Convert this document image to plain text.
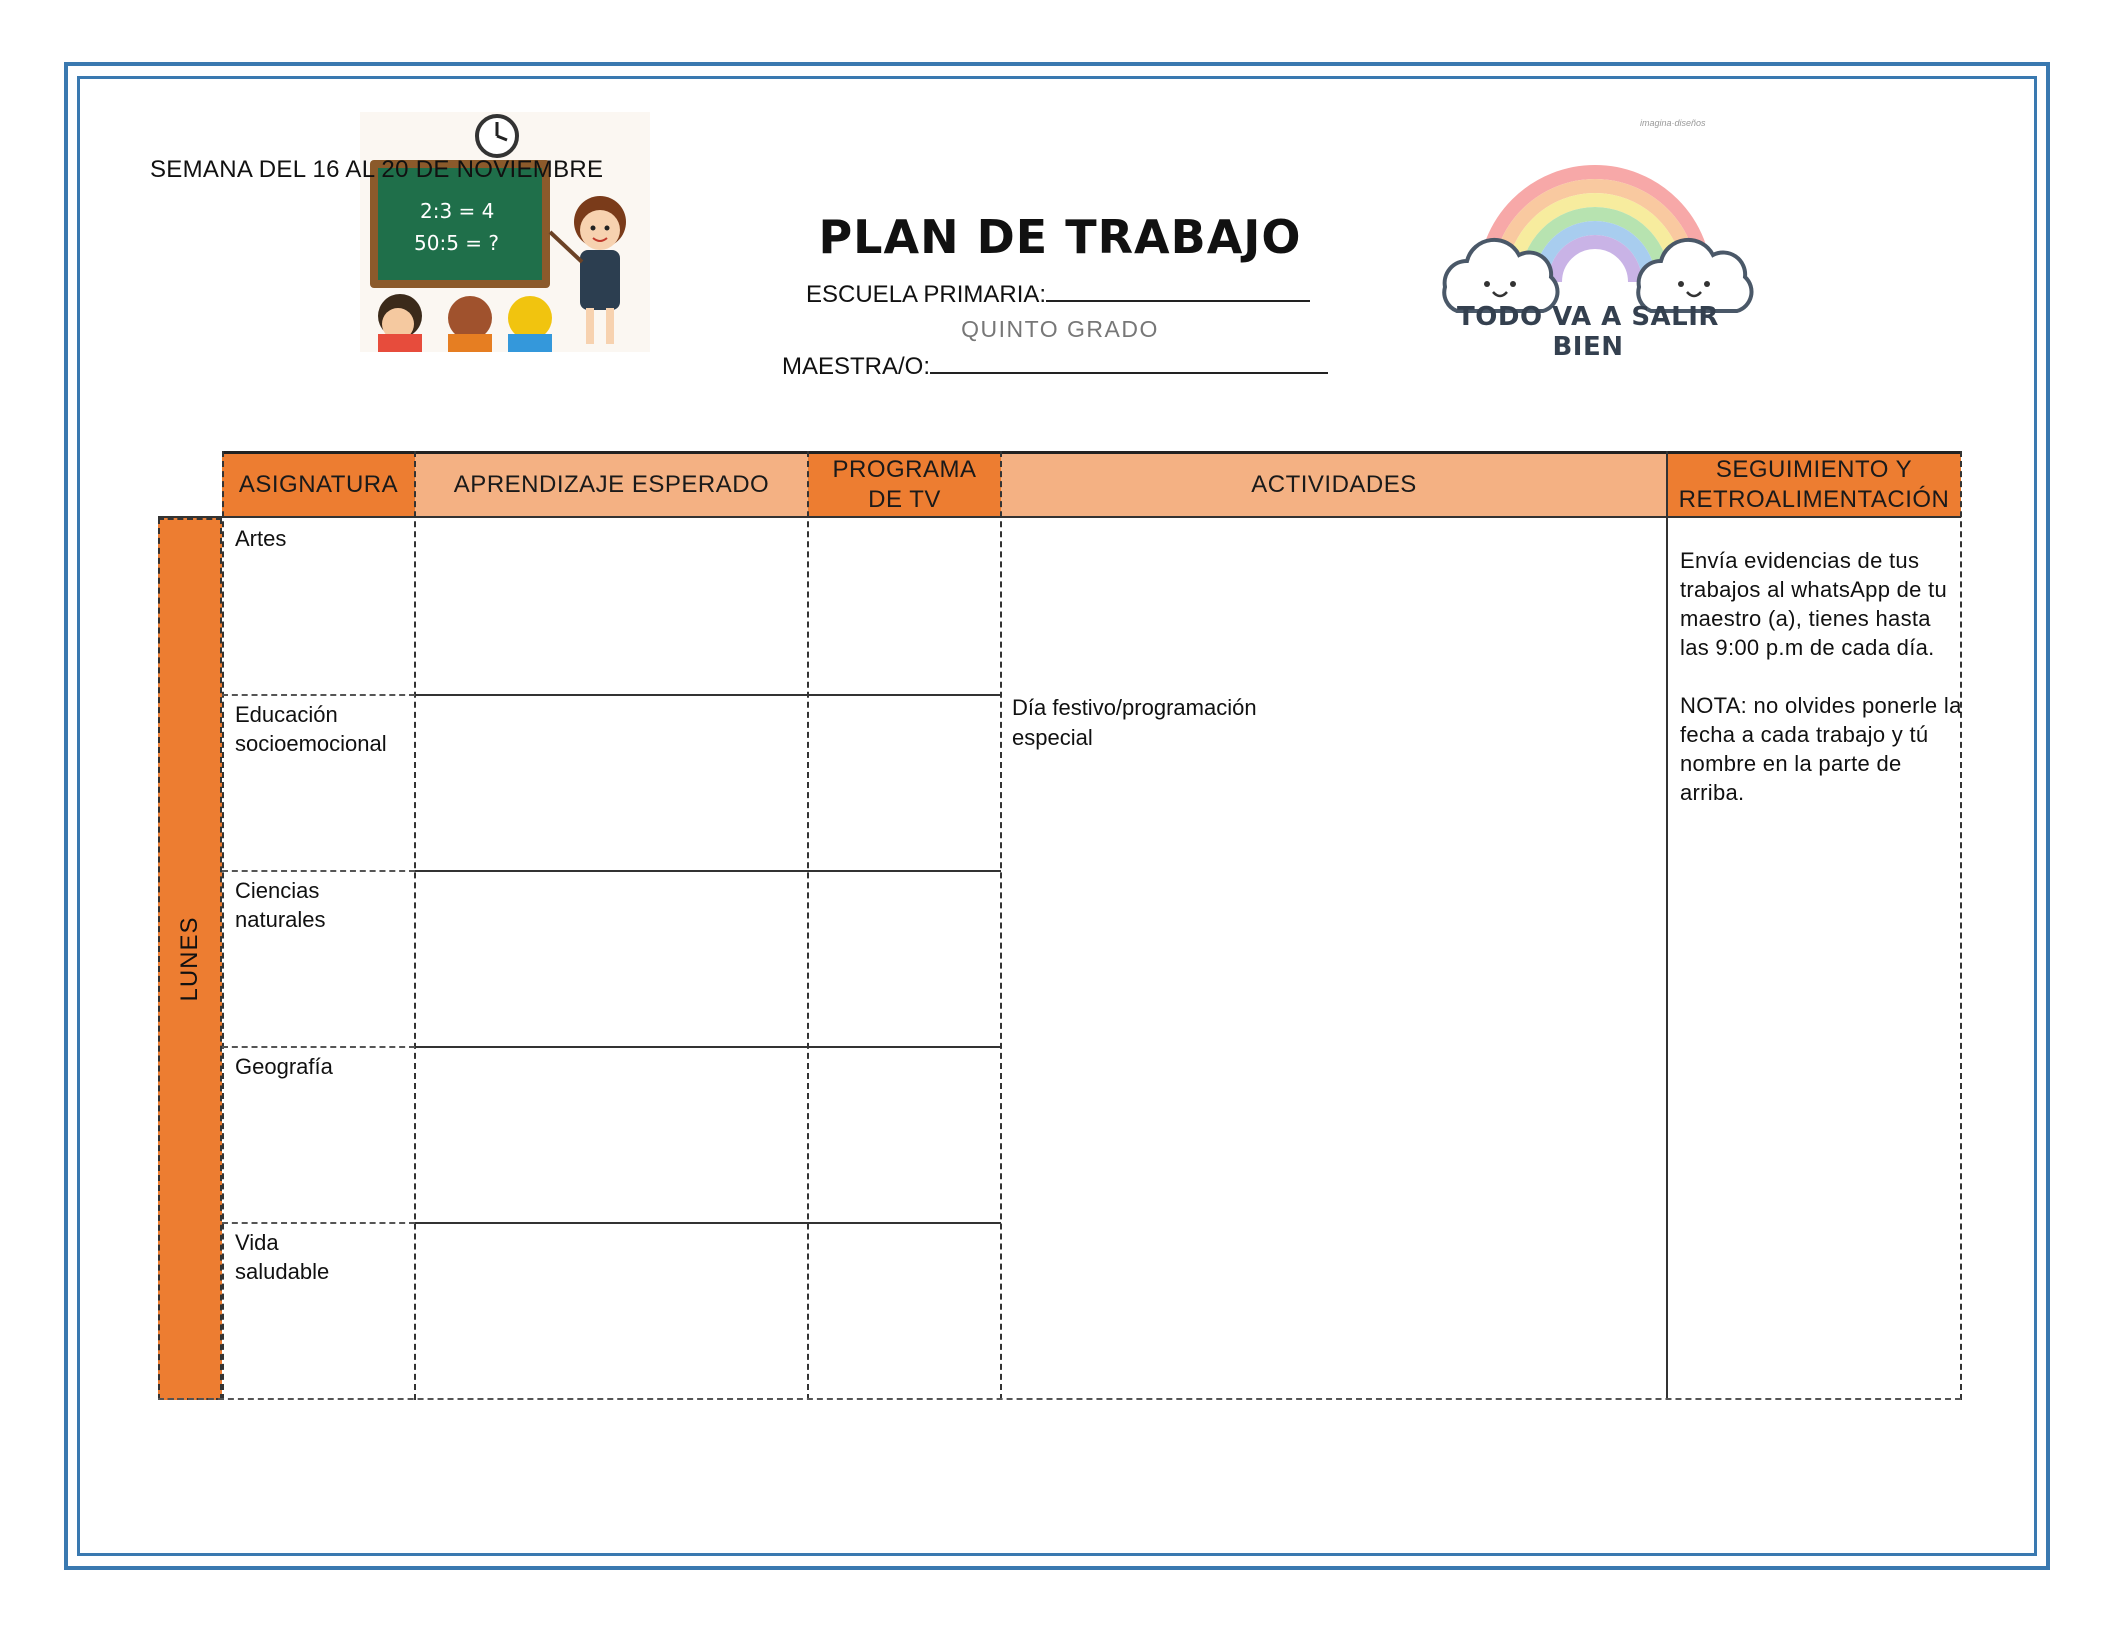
SEMANA DEL 16 AL 20 DE NOVIEMBRE
2:3 = 4
50:5 = ?	PLAN DE TRABAJO
ESCUELA PRIMARIA:
QUINTO GRADO
MAESTRA/O:
imagina·diseños
TODO VA A SALIR BIEN
ASIGNATURA	APRENDIZAJE ESPERADO
PROGRAMA DE TV
ACTIVIDADES
SEGUIMIENTO Y RETROALIMENTACIÓN
LUNES
Artes
Educación
socioemocional
Ciencias
naturales
Geografía
Vida
saludable
Día festivo/programación especial

Envía evidencias de tus trabajos al whatsApp de tu maestro (a), tienes hasta las 9:00 p.m de cada día.

NOTA: no olvides ponerle la fecha a cada trabajo y tú nombre en la parte de arriba.
